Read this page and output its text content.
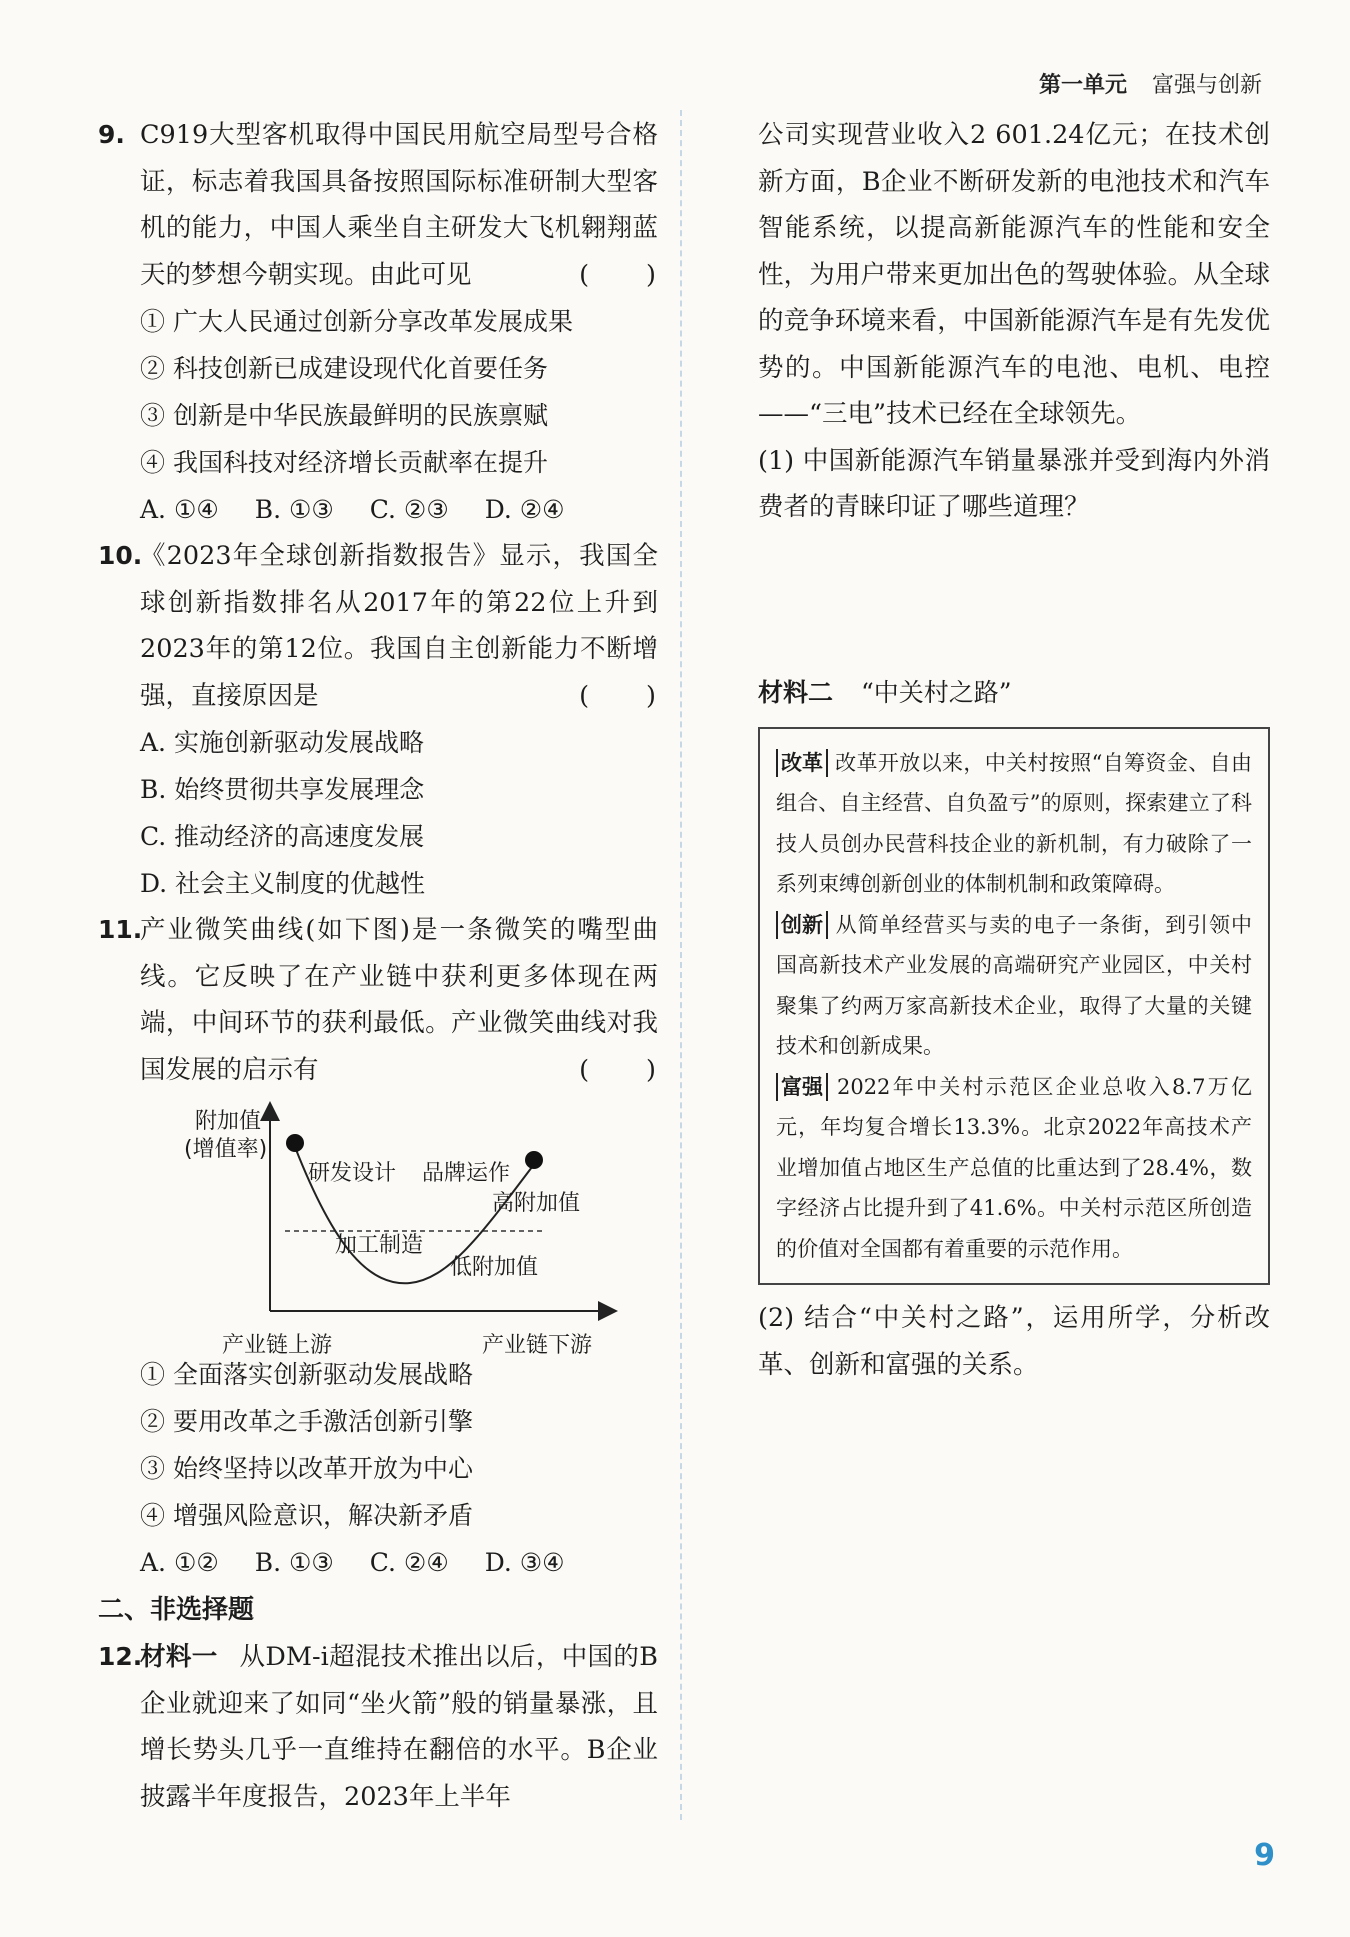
第一单元 富强与创新
9. C919大型客机取得中国民用航空局型号合格证，标志着我国具备按照国际标准研制大型客机的能力，中国人乘坐自主研发大飞机翱翔蓝天的梦想今朝实现。由此可见	(　　)
① 广大人民通过创新分享改革发展成果
② 科技创新已成建设现代化首要任务
③ 创新是中华民族最鲜明的民族禀赋
④ 我国科技对经济增长贡献率在提升
A. ①④ B. ①③ C. ②③ D. ②④
10.
《2023年全球创新指数报告》显示，我国全球创新指数排名从2017年的第22位上升到2023年的第12位。我国自主创新能力不断增强，直接原因是	(　　)
A. 实施创新驱动发展战略
B. 始终贯彻共享发展理念
C. 推动经济的高速度发展
D. 社会主义制度的优越性
11.
产业微笑曲线(如下图)是一条微笑的嘴型曲线。它反映了在产业链中获利更多体现在两端，中间环节的获利最低。产业微笑曲线对我国发展的启示有	(　　)
附加值
(增值率)
研发设计 品牌运作
高附加值
加工制造
低附加值
产业链上游	产业链下游
① 全面落实创新驱动发展战略
② 要用改革之手激活创新引擎
③ 始终坚持以改革开放为中心
④ 增强风险意识，解决新矛盾
A. ①② B. ①③ C. ②④ D. ③④
二、非选择题
12.
材料一 从DM-i超混技术推出以后，中国的B企业就迎来了如同“坐火箭”般的销量暴涨，且增长势头几乎一直维持在翻倍的水平。B企业披露半年度报告，2023年上半年
公司实现营业收入2 601.24亿元；在技术创新方面，B企业不断研发新的电池技术和汽车智能系统，以提高新能源汽车的性能和安全性，为用户带来更加出色的驾驶体验。从全球的竞争环境来看，中国新能源汽车是有先发优势的。中国新能源汽车的电池、电机、电控——“三电”技术已经在全球领先。
(1) 中国新能源汽车销量暴涨并受到海内外消费者的青睐印证了哪些道理？
材料二 “中关村之路”
改革 改革开放以来，中关村按照“自筹资金、自由组合、自主经营、自负盈亏”的原则，探索建立了科技人员创办民营科技企业的新机制，有力破除了一系列束缚创新创业的体制机制和政策障碍。
创新 从简单经营买与卖的电子一条街，到引领中国高新技术产业发展的高端研究产业园区，中关村聚集了约两万家高新技术企业，取得了大量的关键技术和创新成果。
富强 2022年中关村示范区企业总收入8.7万亿元，年均复合增长13.3%。北京2022年高技术产业增加值占地区生产总值的比重达到了28.4%，数字经济占比提升到了41.6%。中关村示范区所创造的价值对全国都有着重要的示范作用。
(2) 结合“中关村之路”，运用所学，分析改革、创新和富强的关系。
9
